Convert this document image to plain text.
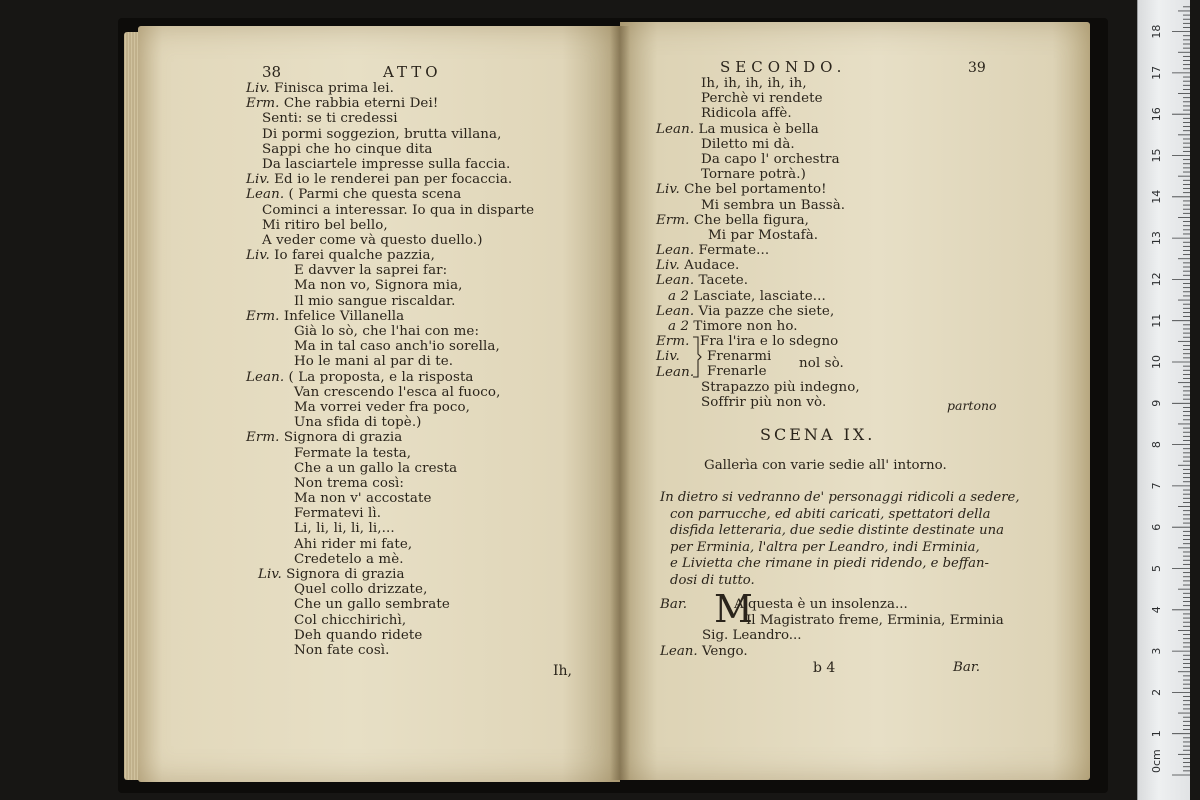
38	ATTO
Liv. Finisca prima lei.
Erm. Che rabbia eterni Dei!
Senti: se ti credessi
Di pormi soggezion, brutta villana,
Sappi che ho cinque dita
Da lasciartele impresse sulla faccia.
Liv. Ed io le renderei pan per focaccia.
Lean. ( Parmi che questa scena
Cominci a interessar. Io qua in disparte
Mi ritiro bel bello,
A veder come và questo duello.)
Liv. Io farei qualche pazzia,
E davver la saprei far:
Ma non vo, Signora mia,
Il mio sangue riscaldar.
Erm. Infelice Villanella
Già lo sò, che l'hai con me:
Ma in tal caso anch'io sorella,
Ho le mani al par di te.
Lean. ( La proposta, e la risposta
Van crescendo l'esca al fuoco,
Ma vorrei veder fra poco,
Una sfida di topè.)
Erm. Signora di grazia
Fermate la testa,
Che a un gallo la cresta
Non trema così:
Ma non v' accostate
Fermatevi lì.
Li, li, li, li, li,...
Ahi rider mi fate,
Credetelo a mè.
Liv. Signora di grazia
Quel collo drizzate,
Che un gallo sembrate
Col chicchirichì,
Deh quando ridete
Non fate così.
Ih,
SECONDO.	39
Ih, ih, ih, ih, ih,
Perchè vi rendete
Ridicola affè.
Lean. La musica è bella
Diletto mi dà.
Da capo l' orchestra
Tornare potrà.)
Liv. Che bel portamento!
Mi sembra un Bassà.
Erm. Che bella figura,
Mi par Mostafà.
Lean. Fermate...
Liv. Audace.
Lean. Tacete.
a 2 Lasciate, lasciate...
Lean. Via pazze che siete,
a 2 Timore non ho.
Erm.
Liv.
Lean.
Fra l'ira e lo sdegno
Frenarmi
Frenarle
nol sò.
Strapazzo più indegno,
Soffrir più non vò.	partono
SCENA IX.
Gallerìa con varie sedie all' intorno.
In dietro si vedranno de' personaggi ridicoli a sedere,
con parrucche, ed abiti caricati, spettatori della
disfida letteraria, due sedie distinte destinate una
per Erminia, l'altra per Leandro, indi Erminia,
e Livietta che rimane in piedi ridendo, e beffan-
dosi di tutto.
M
Bar.	A questa è un insolenza...
Il Magistrato freme, Erminia, Erminia
Sig. Leandro...
Lean. Vengo.
b 4	Bar.
0cm
1
2
3
4
5
6
7
8
9
10
11
12
13
14
15
16
17
18
